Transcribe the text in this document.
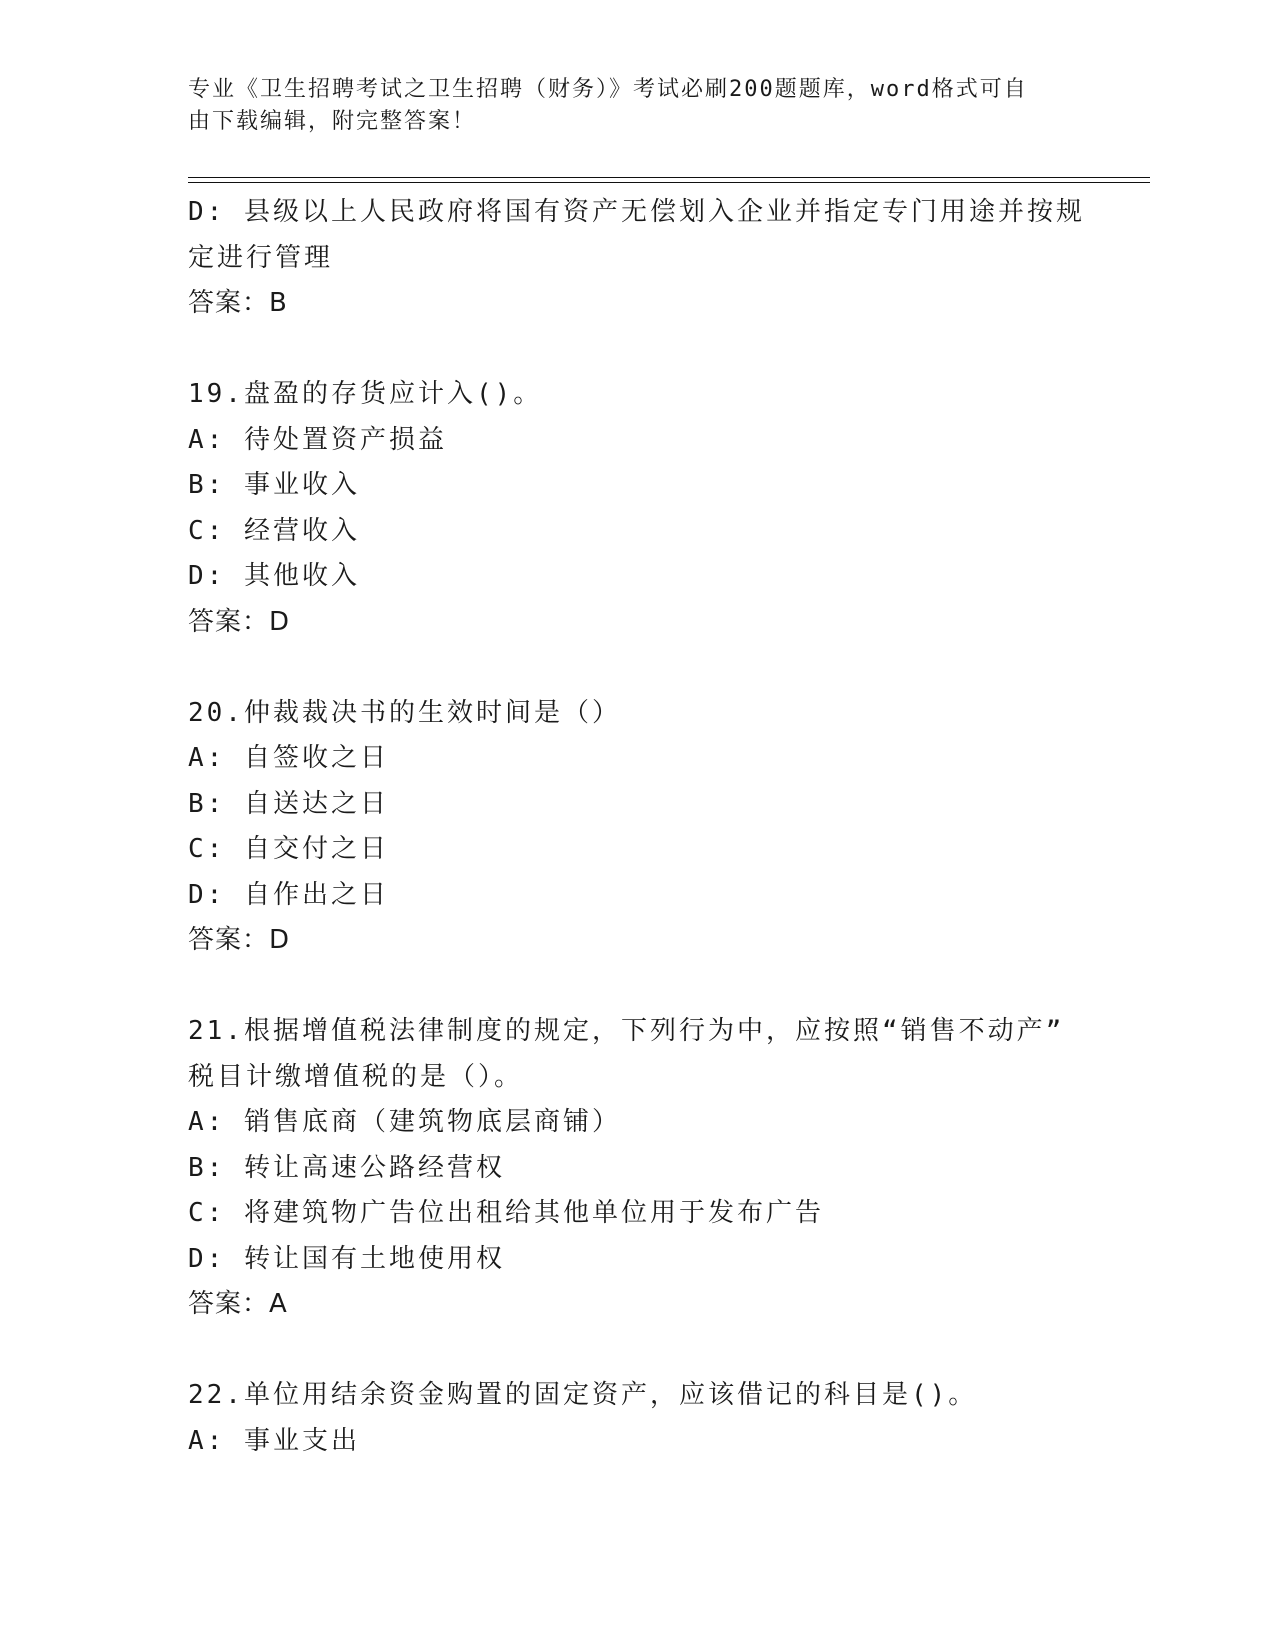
专业《卫生招聘考试之卫生招聘（财务）》考试必刷200题题库，word格式可自
由下载编辑，附完整答案！
D: 县级以上人民政府将国有资产无偿划入企业并指定专门用途并按规
定进行管理
答案：B
19.盘盈的存货应计入()。
A: 待处置资产损益
B: 事业收入
C: 经营收入
D: 其他收入
答案：D
20.仲裁裁决书的生效时间是（）
A: 自签收之日
B: 自送达之日
C: 自交付之日
D: 自作出之日
答案：D
21.根据增值税法律制度的规定，下列行为中，应按照“销售不动产”
税目计缴增值税的是（）。
A: 销售底商（建筑物底层商铺）
B: 转让高速公路经营权
C: 将建筑物广告位出租给其他单位用于发布广告
D: 转让国有土地使用权
答案：A
22.单位用结余资金购置的固定资产，应该借记的科目是()。
A: 事业支出
